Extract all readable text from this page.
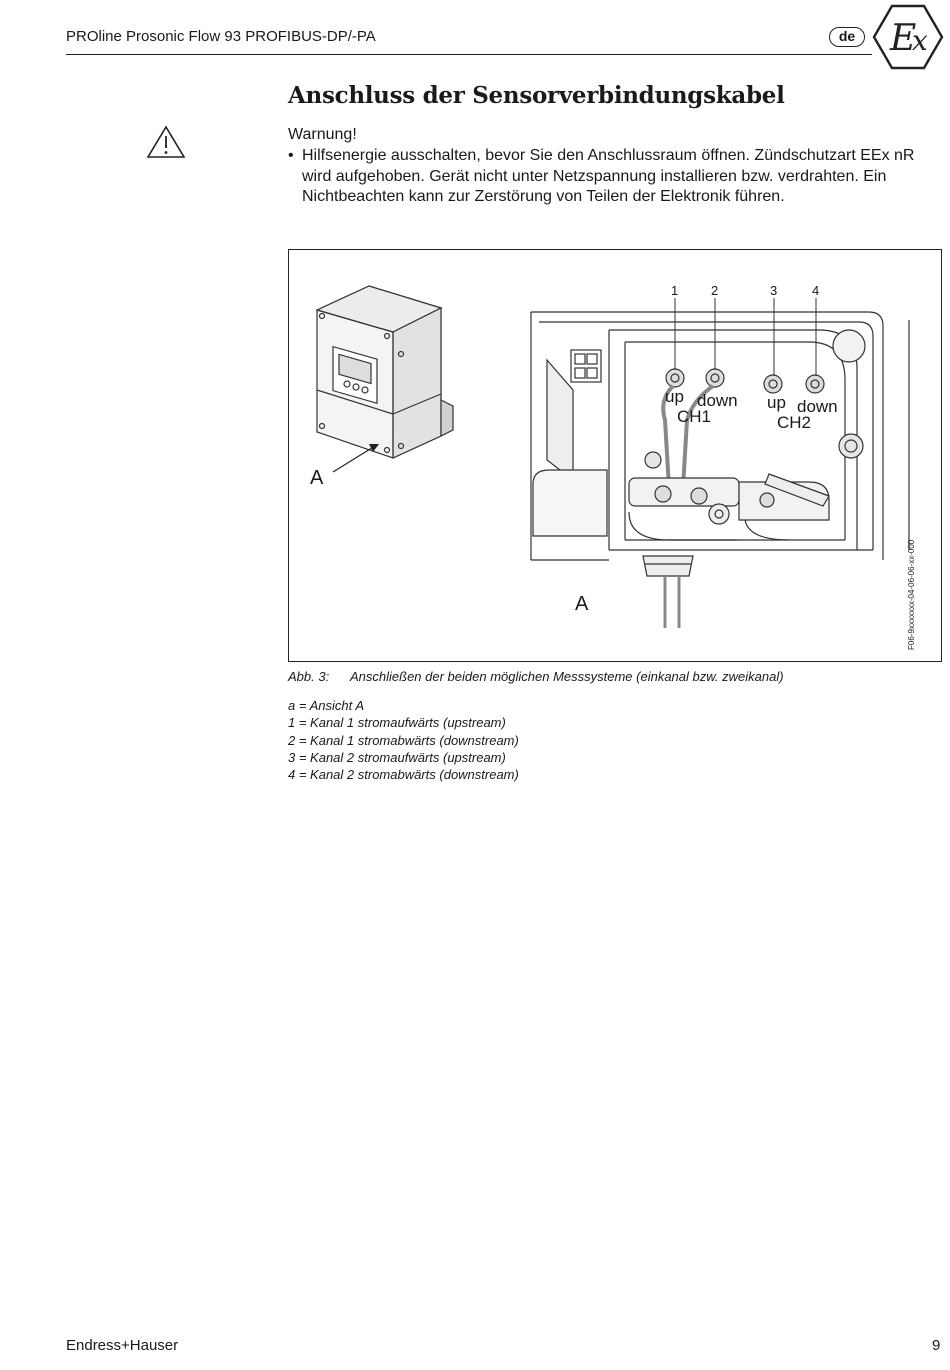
PROline Prosonic Flow 93 PROFIBUS-DP/-PA	de E
x
Anschluss der Sensorverbindungskabel
Warnung!
• Hilfsenergie ausschalten, bevor Sie den Anschlussraum öffnen. Zündschutzart EEx nR wird aufgehoben. Gerät nicht unter Netzspannung installieren bzw. verdrahten. Ein Nichtbeachten kann zur Zerstörung von Teilen der Elektronik führen.
1	2	3	4
up down
CH1
up down
CH2
A
A	F06-9xxxxxxx-04-06-06-xx-000
Abb. 3: Anschließen der beiden möglichen Messsysteme (einkanal bzw. zweikanal)
a = Ansicht A
1 = Kanal 1 stromaufwärts (upstream)
2 = Kanal 1 stromabwärts (downstream)
3 = Kanal 2 stromaufwärts (upstream)
4 = Kanal 2 stromabwärts (downstream)
Endress+Hauser	9
